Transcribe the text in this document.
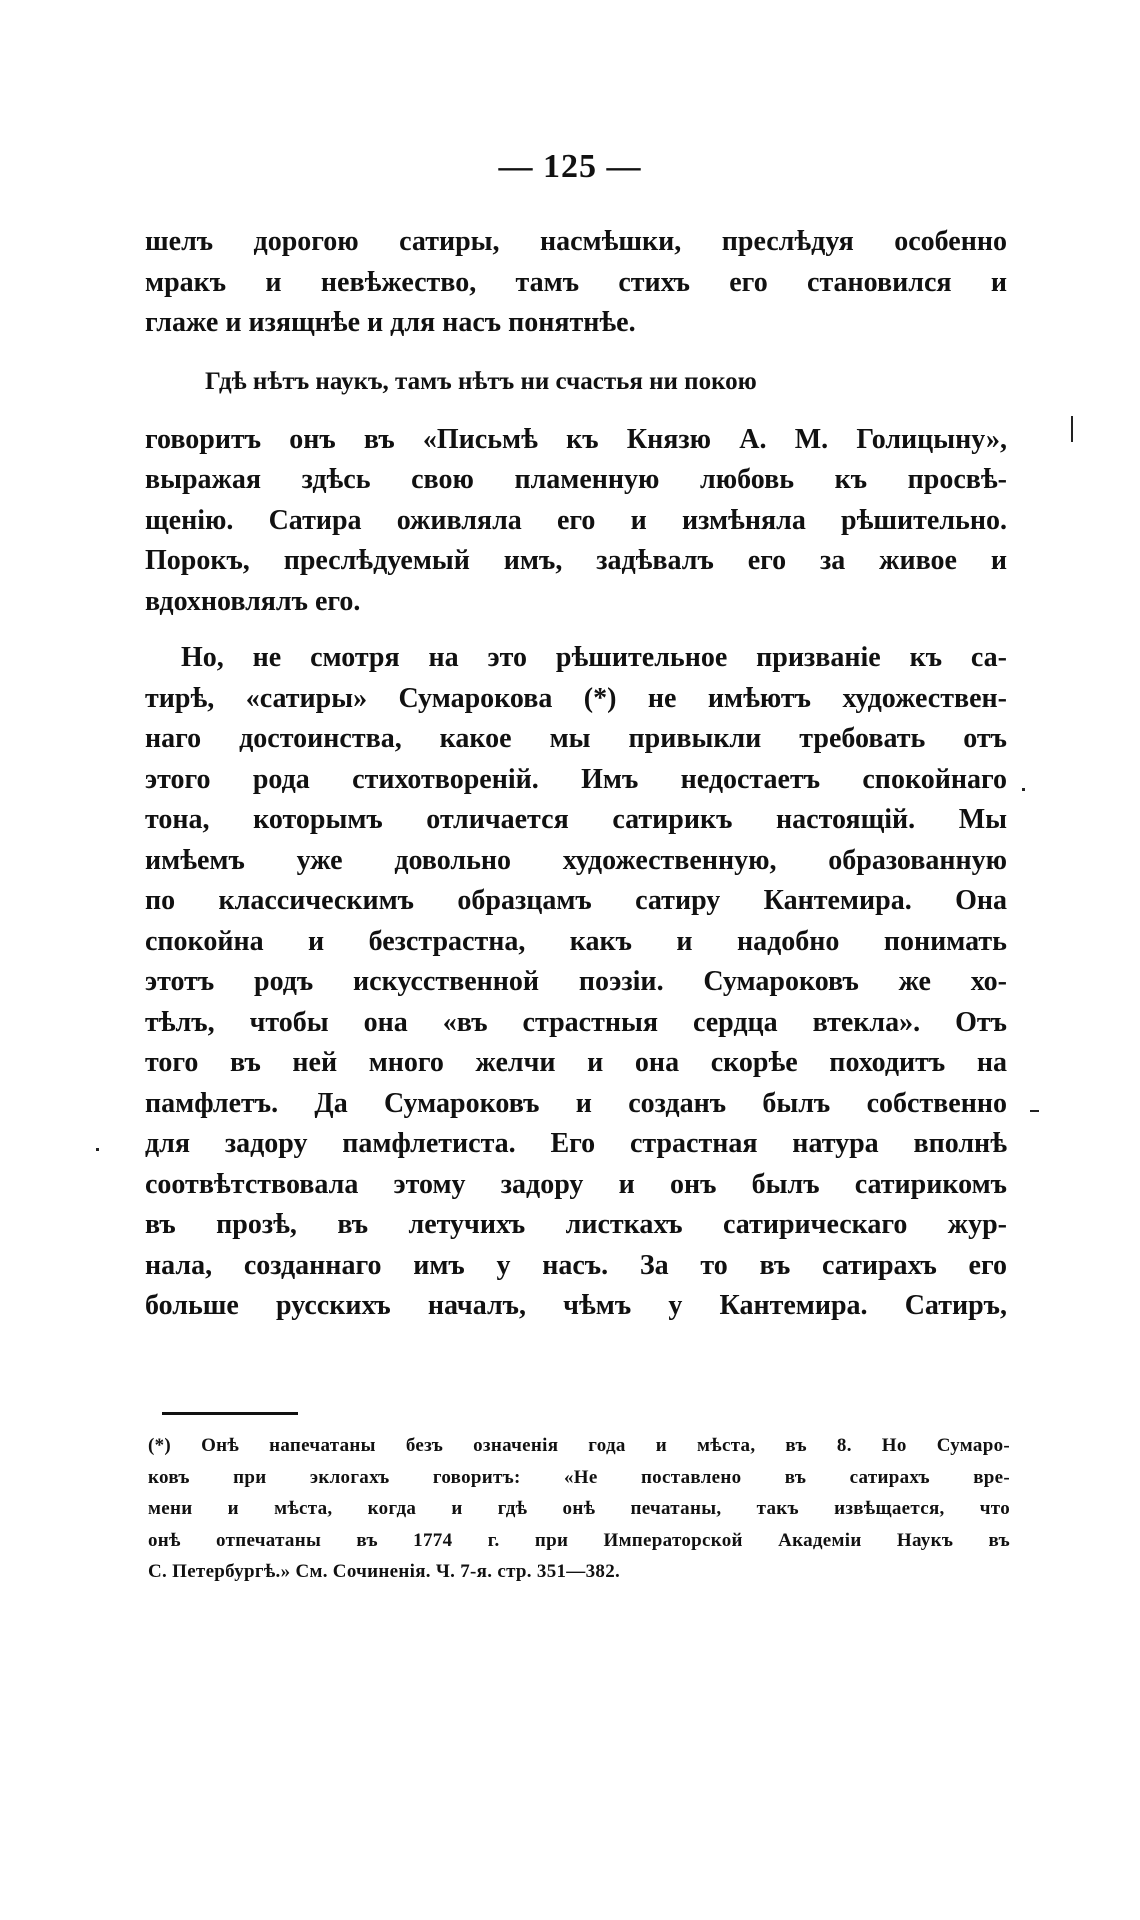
— 125 —
шелъ дорогою сатиры, насмѣшки, преслѣдуя особенно
мракъ и невѣжество, тамъ стихъ его становился и
глаже и изящнѣе и для насъ понятнѣе.
Гдѣ нѣтъ наукъ, тамъ нѣтъ ни счастья ни покою
говоритъ онъ въ «Письмѣ къ Князю А. М. Голицыну»,
выражая здѣсь свою пламенную любовь къ просвѣ-
щенію. Сатира оживляла его и измѣняла рѣшительно.
Порокъ, преслѣдуемый имъ, задѣвалъ его за живое и
вдохновлялъ его.
Но, не смотря на это рѣшительное призваніе къ са-
тирѣ, «сатиры» Сумарокова (*) не имѣютъ художествен-
наго достоинства, какое мы привыкли требовать отъ
этого рода стихотвореній. Имъ недостаетъ спокойнаго
тона, которымъ отличается сатирикъ настоящій. Мы
имѣемъ уже довольно художественную, образованную
по классическимъ образцамъ сатиру Кантемира. Она
спокойна и безстрастна, какъ и надобно понимать
этотъ родъ искусственной поэзіи. Сумароковъ же хо-
тѣлъ, чтобы она «въ страстныя сердца втекла». Отъ
того въ ней много желчи и она скорѣе походитъ на
памфлетъ. Да Сумароковъ и созданъ былъ собственно
для задору памфлетиста. Его страстная натура вполнѣ
соотвѣтствовала этому задору и онъ былъ сатирикомъ
въ прозѣ, въ летучихъ листкахъ сатирическаго жур-
нала, созданнаго имъ у насъ. За то въ сатирахъ его
больше русскихъ началъ, чѣмъ у Кантемира. Сатиръ,
(*) Онѣ напечатаны безъ означенія года и мѣста, въ 8. Но Сумаро-
ковъ при эклогахъ говоритъ: «Не поставлено въ сатирахъ вре-
мени и мѣста, когда и гдѣ онѣ печатаны, такъ извѣщается, что
онѣ отпечатаны въ 1774 г. при Императорской Академіи Наукъ въ
С. Петербургѣ.» См. Сочиненія. Ч. 7-я. стр. 351—382.
